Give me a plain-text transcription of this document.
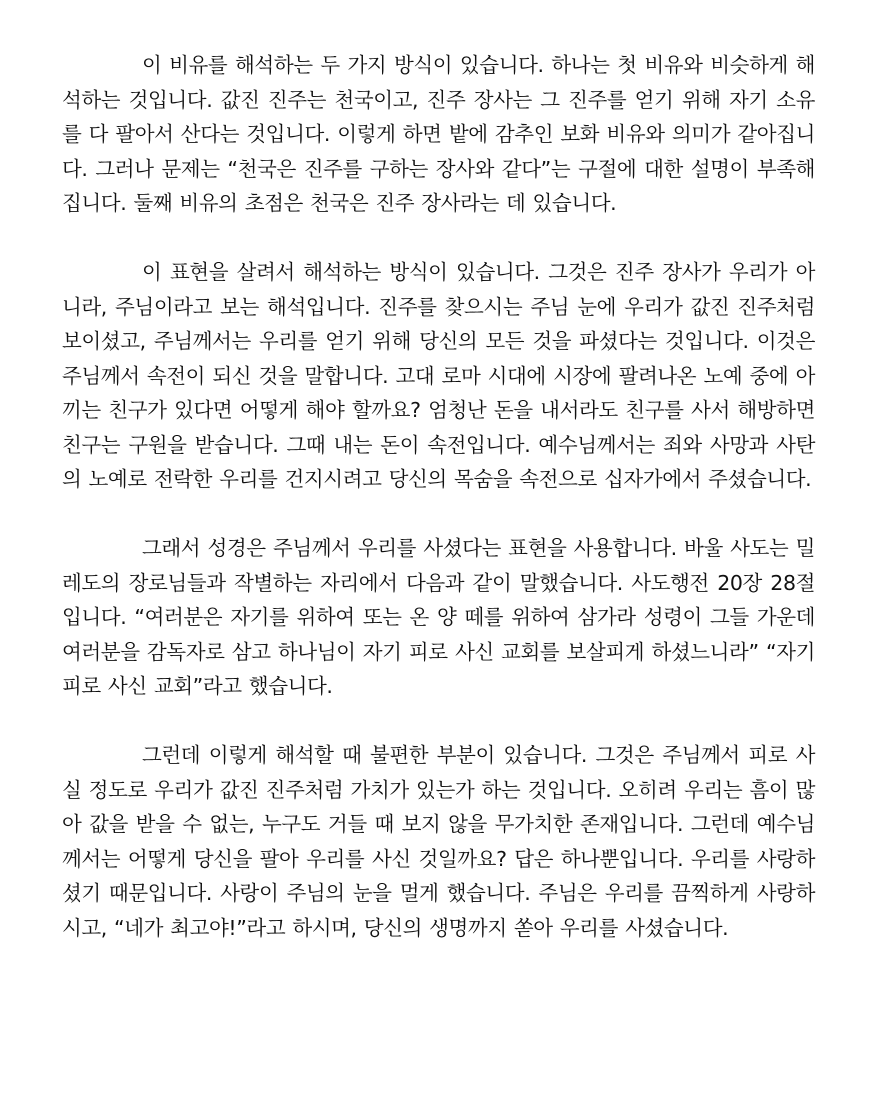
이 비유를 해석하는 두 가지 방식이 있습니다. 하나는 첫 비유와 비슷하게 해석하는 것입니다. 값진 진주는 천국이고, 진주 장사는 그 진주를 얻기 위해 자기 소유를 다 팔아서 산다는 것입니다. 이렇게 하면 밭에 감추인 보화 비유와 의미가 같아집니다. 그러나 문제는 “천국은 진주를 구하는 장사와 같다”는 구절에 대한 설명이 부족해집니다. 둘째 비유의 초점은 천국은 진주 장사라는 데 있습니다.

이 표현을 살려서 해석하는 방식이 있습니다. 그것은 진주 장사가 우리가 아니라, 주님이라고 보는 해석입니다. 진주를 찾으시는 주님 눈에 우리가 값진 진주처럼 보이셨고, 주님께서는 우리를 얻기 위해 당신의 모든 것을 파셨다는 것입니다. 이것은 주님께서 속전이 되신 것을 말합니다. 고대 로마 시대에 시장에 팔려나온 노예 중에 아끼는 친구가 있다면 어떻게 해야 할까요? 엄청난 돈을 내서라도 친구를 사서 해방하면 친구는 구원을 받습니다. 그때 내는 돈이 속전입니다. 예수님께서는 죄와 사망과 사탄의 노예로 전락한 우리를 건지시려고 당신의 목숨을 속전으로 십자가에서 주셨습니다.

그래서 성경은 주님께서 우리를 사셨다는 표현을 사용합니다. 바울 사도는 밀레도의 장로님들과 작별하는 자리에서 다음과 같이 말했습니다. 사도행전 20장 28절입니다. “여러분은 자기를 위하여 또는 온 양 떼를 위하여 삼가라 성령이 그들 가운데 여러분을 감독자로 삼고 하나님이 자기 피로 사신 교회를 보살피게 하셨느니라” “자기 피로 사신 교회”라고 했습니다.

그런데 이렇게 해석할 때 불편한 부분이 있습니다. 그것은 주님께서 피로 사실 정도로 우리가 값진 진주처럼 가치가 있는가 하는 것입니다. 오히려 우리는 흠이 많아 값을 받을 수 없는, 누구도 거들 때 보지 않을 무가치한 존재입니다. 그런데 예수님께서는 어떻게 당신을 팔아 우리를 사신 것일까요? 답은 하나뿐입니다. 우리를 사랑하셨기 때문입니다. 사랑이 주님의 눈을 멀게 했습니다. 주님은 우리를 끔찍하게 사랑하시고, “네가 최고야!”라고 하시며, 당신의 생명까지 쏟아 우리를 사셨습니다.
